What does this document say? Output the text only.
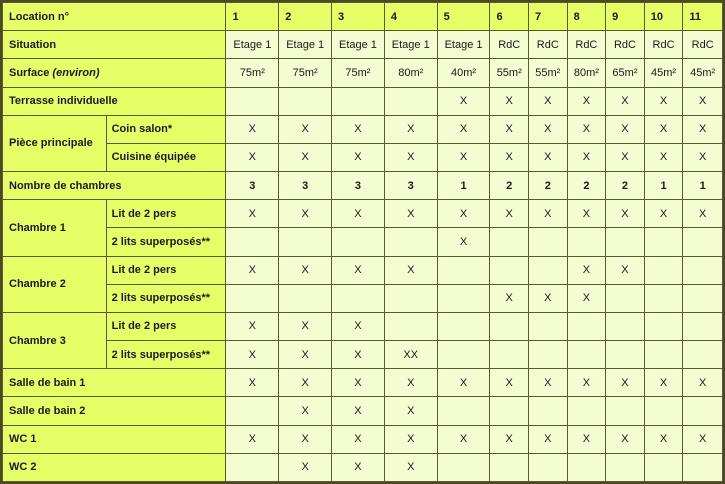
Location n°		1	2	3	4	5	6	7	8	9	10	11
Situation		Etage 1	Etage 1	Etage 1	Etage 1	Etage 1	RdC	RdC	RdC	RdC	RdC	RdC
Surface (environ)		75m²	75m²	75m²	80m²	40m²	55m²	55m²	80m²	65m²	45m²	45m²
Terrasse individuelle						X	X	X	X	X	X	X
Pièce principale	Coin salon*	X	X	X	X	X	X	X	X	X	X	X
	Cuisine équipée	X	X	X	X	X	X	X	X	X	X	X
Nombre de chambres		3	3	3	3	1	2	2	2	2	1	1
Chambre 1	Lit de 2 pers	X	X	X	X	X	X	X	X	X	X	X
	2 lits superposés**					X						
Chambre 2	Lit de 2 pers	X	X	X	X				X	X		
	2 lits superposés**						X	X	X			
Chambre 3	Lit de 2 pers	X	X	X								
	2 lits superposés**	X	X	X	XX							
Salle de bain 1		X	X	X	X	X	X	X	X	X	X	X
Salle de bain 2			X	X	X							
WC 1		X	X	X	X	X	X	X	X	X	X	X
WC 2			X	X	X							
